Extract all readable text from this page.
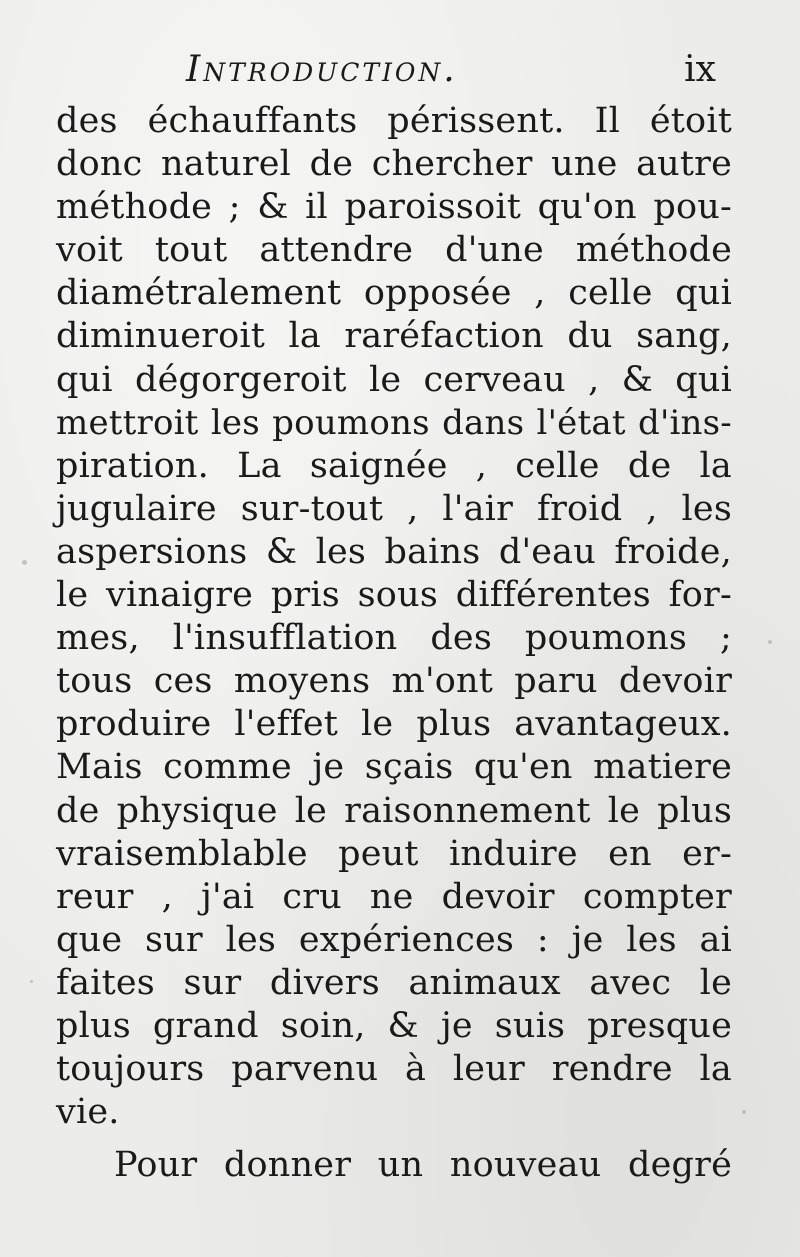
Introduction.	ix
des échauffants périssent. Il étoit
donc naturel de chercher une autre
méthode ; & il paroissoit qu'on pou-
voit tout attendre d'une méthode
diamétralement opposée , celle qui
diminueroit la raréfaction du sang,
qui dégorgeroit le cerveau , & qui
mettroit les poumons dans l'état d'ins-
piration. La saignée , celle de la
jugulaire sur-tout , l'air froid , les
aspersions & les bains d'eau froide,
le vinaigre pris sous différentes for-
mes, l'insufflation des poumons ;
tous ces moyens m'ont paru devoir
produire l'effet le plus avantageux.
Mais comme je sçais qu'en matiere
de physique le raisonnement le plus
vraisemblable peut induire en er-
reur , j'ai cru ne devoir compter
que sur les expériences : je les ai
faites sur divers animaux avec le
plus grand soin, & je suis presque
toujours parvenu à leur rendre la
vie.
Pour donner un nouveau degré
